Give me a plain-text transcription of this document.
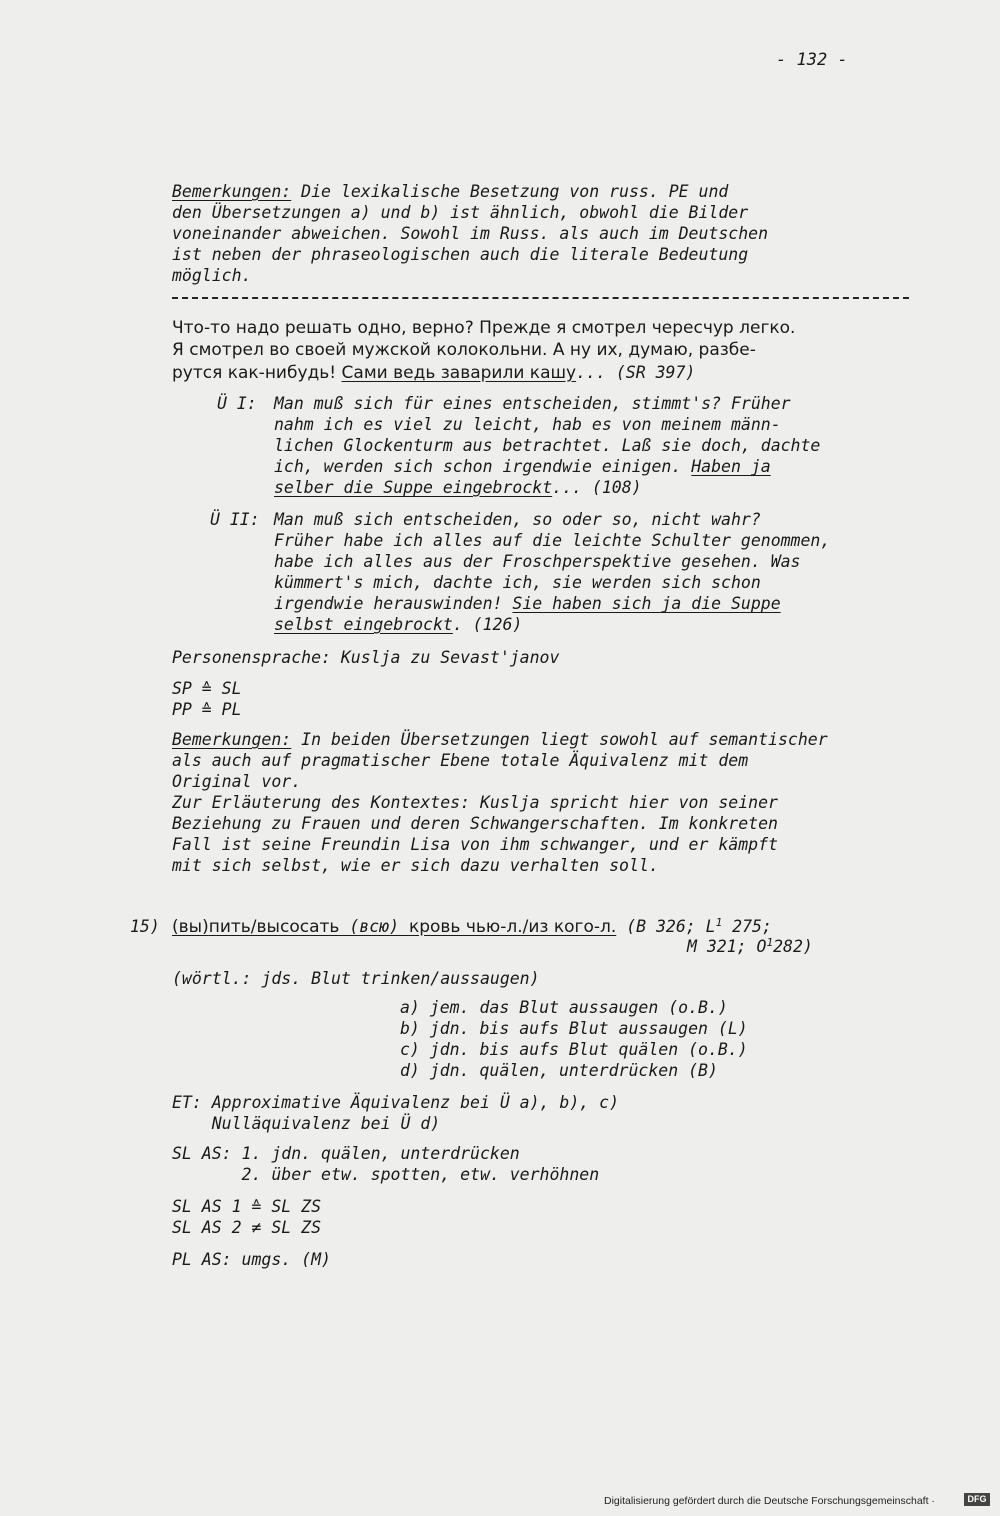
- 132 -
Bemerkungen: Die lexikalische Besetzung von russ. PE und
den Übersetzungen a) und b) ist ähnlich, obwohl die Bilder
voneinander abweichen. Sowohl im Russ. als auch im Deutschen
ist neben der phraseologischen auch die literale Bedeutung
möglich.
Что-то надо решать одно, верно? Прежде я смотрел чересчур легко.
Я смотрел во своей мужской колокольни. А ну их, думаю, разбе-
рутся как-нибудь! Сами ведь заварили кашу... (SR 397)
Ü I: Man muß sich für eines entscheiden, stimmt's? Früher
nahm ich es viel zu leicht, hab es von meinem männ-
lichen Glockenturm aus betrachtet. Laß sie doch, dachte
ich, werden sich schon irgendwie einigen. Haben ja
selber die Suppe eingebrockt... (108)
Ü II: Man muß sich entscheiden, so oder so, nicht wahr?
Früher habe ich alles auf die leichte Schulter genommen,
habe ich alles aus der Froschperspektive gesehen. Was
kümmert's mich, dachte ich, sie werden sich schon
irgendwie herauswinden! Sie haben sich ja die Suppe
selbst eingebrockt. (126)
Personensprache: Kuslja zu Sevast'janov
SP ≙ SL
PP ≙ PL
Bemerkungen: In beiden Übersetzungen liegt sowohl auf semantischer
als auch auf pragmatischer Ebene totale Äquivalenz mit dem
Original vor.
Zur Erläuterung des Kontextes: Kuslja spricht hier von seiner
Beziehung zu Frauen und deren Schwangerschaften. Im konkreten
Fall ist seine Freundin Lisa von ihm schwanger, und er kämpft
mit sich selbst, wie er sich dazu verhalten soll.
15) (вы)пить/высосать (всю) кровь чью-л./из кого-л. (B 326; $L^1$ 275;
M 321; $O^1282$)
(wörtl.: jds. Blut trinken/aussaugen)
a) jem. das Blut aussaugen (o.B.)
b) jdn. bis aufs Blut aussaugen (L)
c) jdn. bis aufs Blut quälen (o.B.)
d) jdn. quälen, unterdrücken (B)
ET: Approximative Äquivalenz bei Ü a), b), c)
Nulläquivalenz bei Ü d)
SL AS: 1. jdn. quälen, unterdrücken
2. über etw. spotten, etw. verhöhnen
SL AS 1 ≙ SL ZS
SL AS 2 ≠ SL ZS
PL AS: umgs. (M)
Digitalisierung gefördert durch die Deutsche Forschungsgemeinschaft ·	DFG
